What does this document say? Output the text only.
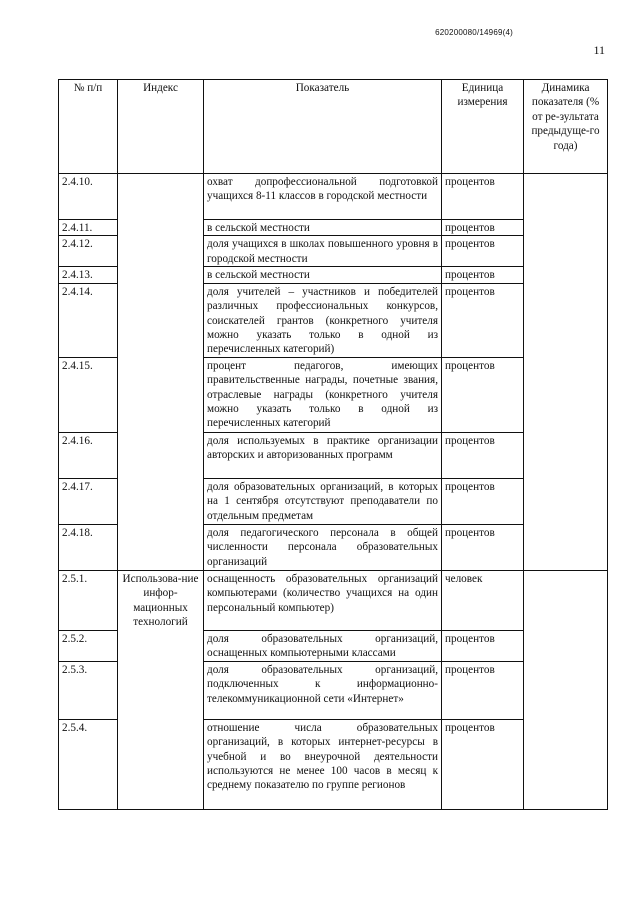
620200080/14969(4)
11
№ п/п	Индекс	Показатель	Единица измерения	Динамика показателя (% от ре-зультата предыдуще-го года)
2.4.10.		охват допрофессиональной подготовкой учащихся 8-11 классов в городской местности	процентов	
2.4.11.		в сельской местности	процентов	
2.4.12.		доля учащихся в школах повышенного уровня в городской местности	процентов	
2.4.13.		в сельской местности	процентов	
2.4.14.		доля учителей – участников и победителей различных профессиональных конкурсов, соискателей грантов (конкретного учителя можно указать только в одной из перечисленных категорий)	процентов	
2.4.15.		процент педагогов, имеющих правительственные награды, почетные звания, отраслевые награды (конкретного учителя можно указать только в одной из перечисленных категорий	процентов	
2.4.16.		доля используемых в практике организации авторских и авторизованных программ	процентов	
2.4.17.		доля образовательных организаций, в которых на 1 сентября отсутствуют преподаватели по отдельным предметам	процентов	
2.4.18.		доля педагогического персонала в общей численности персонала образовательных организаций	процентов	
2.5.1.	Использова-ние инфор-мационных технологий	оснащенность образовательных организаций компьютерами (количество учащихся на один персональный компьютер)	человек	
2.5.2.		доля образовательных организаций, оснащенных компьютерными классами	процентов	
2.5.3.		доля образовательных организаций, подключенных к информационно-телекоммуникационной сети «Интернет»	процентов	
2.5.4.		отношение числа образовательных организаций, в которых интернет-ресурсы в учебной и во внеурочной деятельности используются не менее 100 часов в месяц к среднему показателю по группе регионов	процентов	
